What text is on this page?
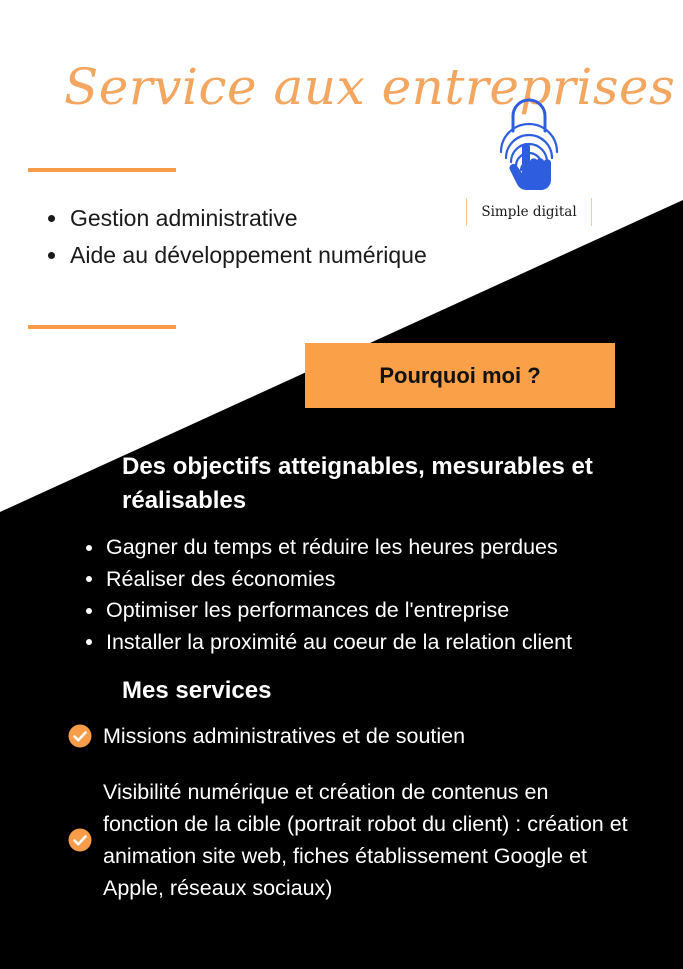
Service aux entreprises
Simple digital
Gestion administrative
Aide au développement numérique
Pourquoi moi ?
Des objectifs atteignables, mesurables et réalisables
Gagner du temps et réduire les heures perdues
Réaliser des économies
Optimiser les performances de l'entreprise
Installer la proximité au coeur de la relation client
Mes services
Missions administratives et de soutien
Visibilité numérique et création de contenus en fonction de la cible (portrait robot du client) : création et animation site web, fiches établissement Google et Apple, réseaux sociaux)
